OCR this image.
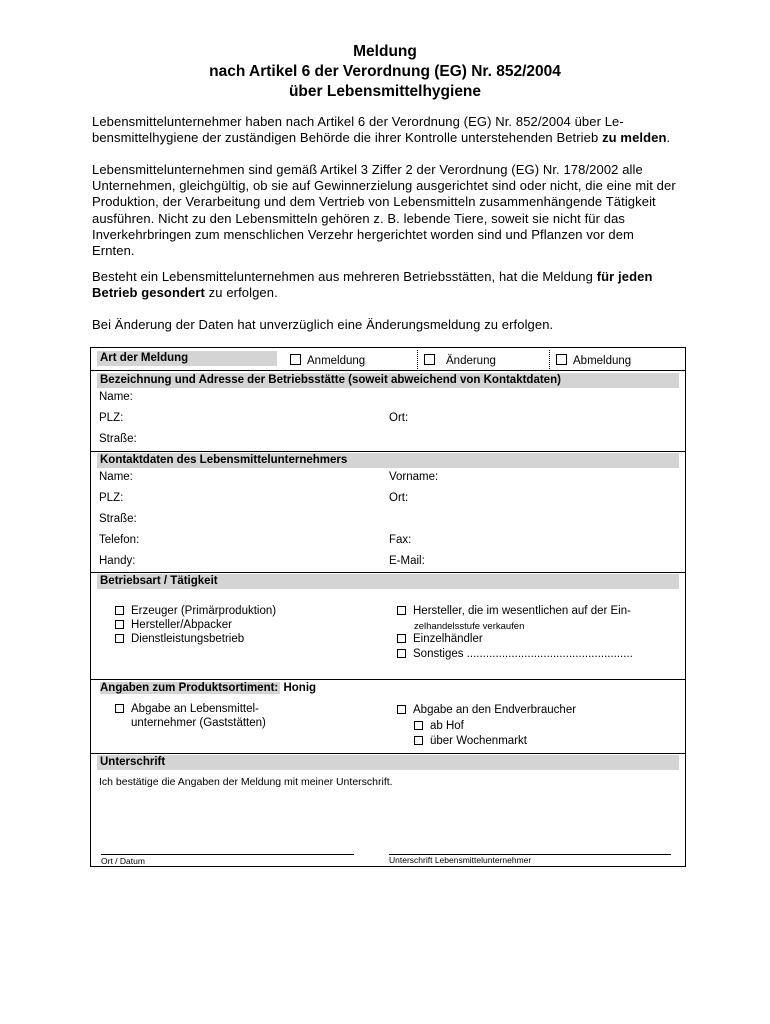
Meldung
nach Artikel 6 der Verordnung (EG) Nr. 852/2004
über Lebensmittelhygiene
Lebensmittelunternehmer haben nach Artikel 6 der Verordnung (EG) Nr. 852/2004 über Lebensmittelhygiene der zuständigen Behörde die ihrer Kontrolle unterstehenden Betrieb zu melden.
Lebensmittelunternehmen sind gemäß Artikel 3 Ziffer 2 der Verordnung (EG) Nr. 178/2002 alle Unternehmen, gleichgültig, ob sie auf Gewinnerzielung ausgerichtet sind oder nicht, die eine mit der Produktion, der Verarbeitung und dem Vertrieb von Lebensmitteln zusammenhängende Tätigkeit ausführen. Nicht zu den Lebensmitteln gehören z. B. lebende Tiere, soweit sie nicht für das Inverkehrbringen zum menschlichen Verzehr hergerichtet worden sind und Pflanzen vor dem Ernten.
Besteht ein Lebensmittelunternehmen aus mehreren Betriebsstätten, hat die Meldung für jeden Betrieb gesondert zu erfolgen.
Bei Änderung der Daten hat unverzüglich eine Änderungsmeldung zu erfolgen.
Art der Meldung	Anmeldung	Änderung	Abmeldung
Bezeichnung und Adresse der Betriebsstätte (soweit abweichend von Kontaktdaten)
Name:
PLZ:	Ort:
Straße:
Kontaktdaten des Lebensmittelunternehmers
Name:	Vorname:
PLZ:	Ort:
Straße:
Telefon:	Fax:
Handy:	E-Mail:
Betriebsart / Tätigkeit
Erzeuger (Primärproduktion)
Hersteller/Abpacker
Dienstleistungsbetrieb
Hersteller, die im wesentlichen auf der Ein-
zelhandelsstufe verkaufen
Einzelhändler
Sonstiges ....................................................
Angaben zum Produktsortiment: Honig
Abgabe an Lebensmittel-
unternehmer (Gaststätten)
Abgabe an den Endverbraucher
ab Hof
über Wochenmarkt
Unterschrift
Ich bestätige die Angaben der Meldung mit meiner Unterschrift.
Ort / Datum	Unterschrift Lebensmittelunternehmer
